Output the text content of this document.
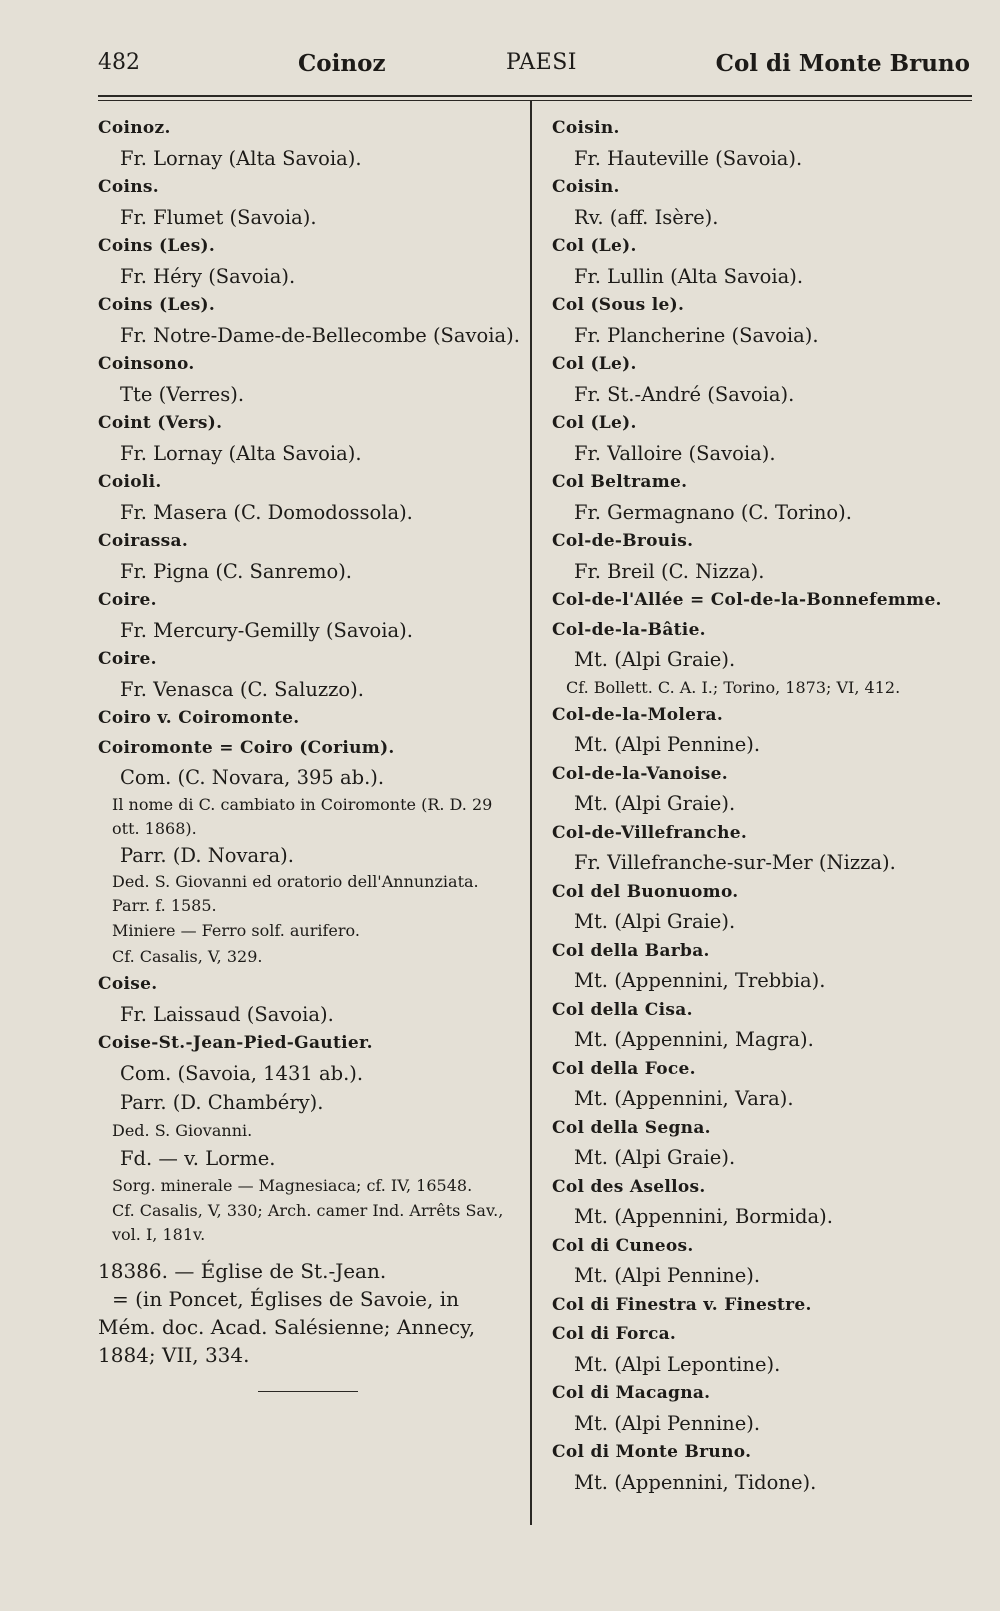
482	Coinoz	PAESI	Col di Monte Bruno
Coinoz.
Fr. Lornay (Alta Savoia).
Coins.
Fr. Flumet (Savoia).
Coins (Les).
Fr. Héry (Savoia).
Coins (Les).
Fr. Notre-Dame-de-Bellecombe (Savoia).
Coinsono.
Tte (Verres).
Coint (Vers).
Fr. Lornay (Alta Savoia).
Coioli.
Fr. Masera (C. Domodossola).
Coirassa.
Fr. Pigna (C. Sanremo).
Coire.
Fr. Mercury-Gemilly (Savoia).
Coire.
Fr. Venasca (C. Saluzzo).
Coiro v. Coiromonte.
Coiromonte = Coiro (Corium).
Com. (C. Novara, 395 ab.).
Il nome di C. cambiato in Coiromonte (R. D. 29 ott. 1868).
Parr. (D. Novara).
Ded. S. Giovanni ed oratorio dell'Annunziata. Parr. f. 1585.
Miniere — Ferro solf. aurifero.
Cf. Casalis, V, 329.
Coise.
Fr. Laissaud (Savoia).
Coise-St.-Jean-Pied-Gautier.
Com. (Savoia, 1431 ab.).
Parr. (D. Chambéry).
Ded. S. Giovanni.
Fd. — v. Lorme.
Sorg. minerale — Magnesiaca; cf. IV, 16548.
Cf. Casalis, V, 330; Arch. camer Ind. Arrêts Sav., vol. I, 181v.
18386. — Église de St.-Jean.
= (in Poncet, Églises de Savoie, in
Mém. doc. Acad. Salésienne; Annecy,
1884; VII, 334.
Coisin.
Fr. Hauteville (Savoia).
Coisin.
Rv. (aff. Isère).
Col (Le).
Fr. Lullin (Alta Savoia).
Col (Sous le).
Fr. Plancherine (Savoia).
Col (Le).
Fr. St.-André (Savoia).
Col (Le).
Fr. Valloire (Savoia).
Col Beltrame.
Fr. Germagnano (C. Torino).
Col-de-Brouis.
Fr. Breil (C. Nizza).
Col-de-l'Allée = Col-de-la-Bonnefemme.
Col-de-la-Bâtie.
Mt. (Alpi Graie).
Cf. Bollett. C. A. I.; Torino, 1873; VI, 412.
Col-de-la-Molera.
Mt. (Alpi Pennine).
Col-de-la-Vanoise.
Mt. (Alpi Graie).
Col-de-Villefranche.
Fr. Villefranche-sur-Mer (Nizza).
Col del Buonuomo.
Mt. (Alpi Graie).
Col della Barba.
Mt. (Appennini, Trebbia).
Col della Cisa.
Mt. (Appennini, Magra).
Col della Foce.
Mt. (Appennini, Vara).
Col della Segna.
Mt. (Alpi Graie).
Col des Asellos.
Mt. (Appennini, Bormida).
Col di Cuneos.
Mt. (Alpi Pennine).
Col di Finestra v. Finestre.
Col di Forca.
Mt. (Alpi Lepontine).
Col di Macagna.
Mt. (Alpi Pennine).
Col di Monte Bruno.
Mt. (Appennini, Tidone).
